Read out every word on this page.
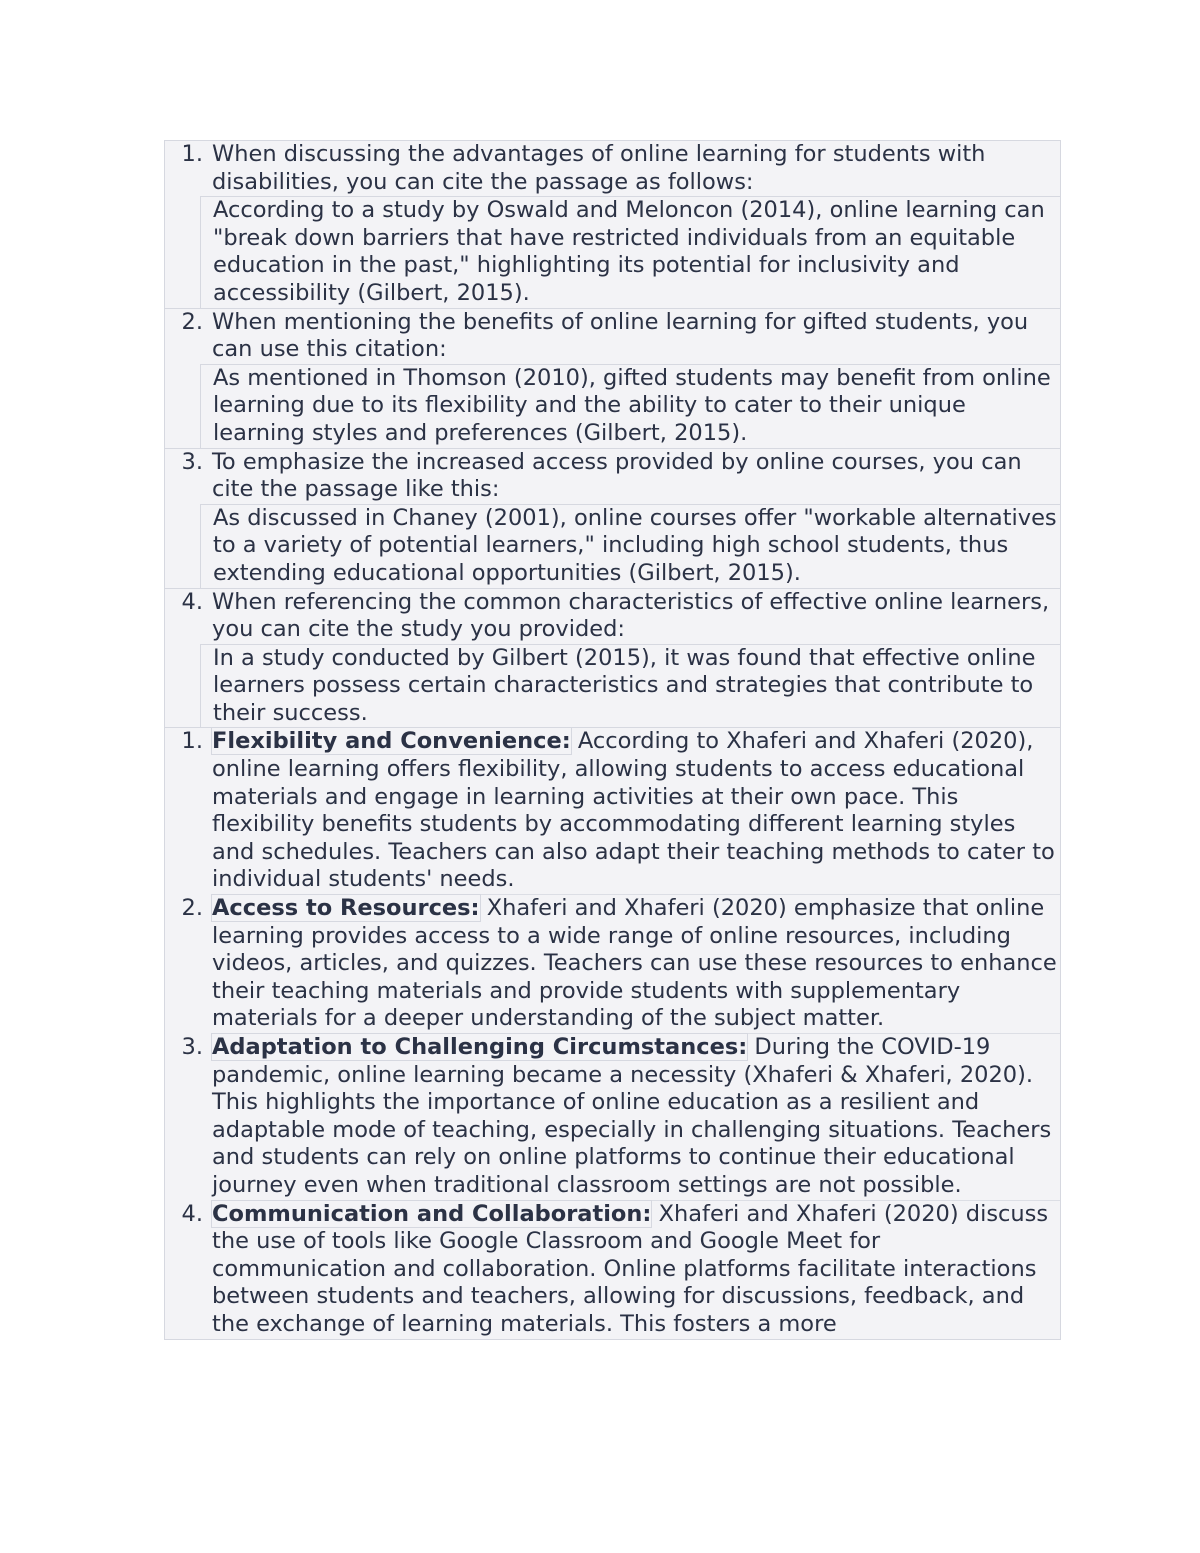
1. When discussing the advantages of online learning for students with disabilities, you can cite the passage as follows:
According to a study by Oswald and Meloncon (2014), online learning can "break down barriers that have restricted individuals from an equitable education in the past," highlighting its potential for inclusivity and accessibility (Gilbert, 2015).
2. When mentioning the benefits of online learning for gifted students, you can use this citation:
As mentioned in Thomson (2010), gifted students may benefit from online learning due to its flexibility and the ability to cater to their unique learning styles and preferences (Gilbert, 2015).
3. To emphasize the increased access provided by online courses, you can cite the passage like this:
As discussed in Chaney (2001), online courses offer "workable alternatives to a variety of potential learners," including high school students, thus extending educational opportunities (Gilbert, 2015).
4. When referencing the common characteristics of effective online learners, you can cite the study you provided:
In a study conducted by Gilbert (2015), it was found that effective online learners possess certain characteristics and strategies that contribute to their success.
1. Flexibility and Convenience: According to Xhaferi and Xhaferi (2020), online learning offers flexibility, allowing students to access educational materials and engage in learning activities at their own pace. This flexibility benefits students by accommodating different learning styles and schedules. Teachers can also adapt their teaching methods to cater to individual students' needs.
2. Access to Resources: Xhaferi and Xhaferi (2020) emphasize that online learning provides access to a wide range of online resources, including videos, articles, and quizzes. Teachers can use these resources to enhance their teaching materials and provide students with supplementary materials for a deeper understanding of the subject matter.
3. Adaptation to Challenging Circumstances: During the COVID-19 pandemic, online learning became a necessity (Xhaferi & Xhaferi, 2020). This highlights the importance of online education as a resilient and adaptable mode of teaching, especially in challenging situations. Teachers and students can rely on online platforms to continue their educational journey even when traditional classroom settings are not possible.
4. Communication and Collaboration: Xhaferi and Xhaferi (2020) discuss the use of tools like Google Classroom and Google Meet for communication and collaboration. Online platforms facilitate interactions between students and teachers, allowing for discussions, feedback, and the exchange of learning materials. This fosters a more
